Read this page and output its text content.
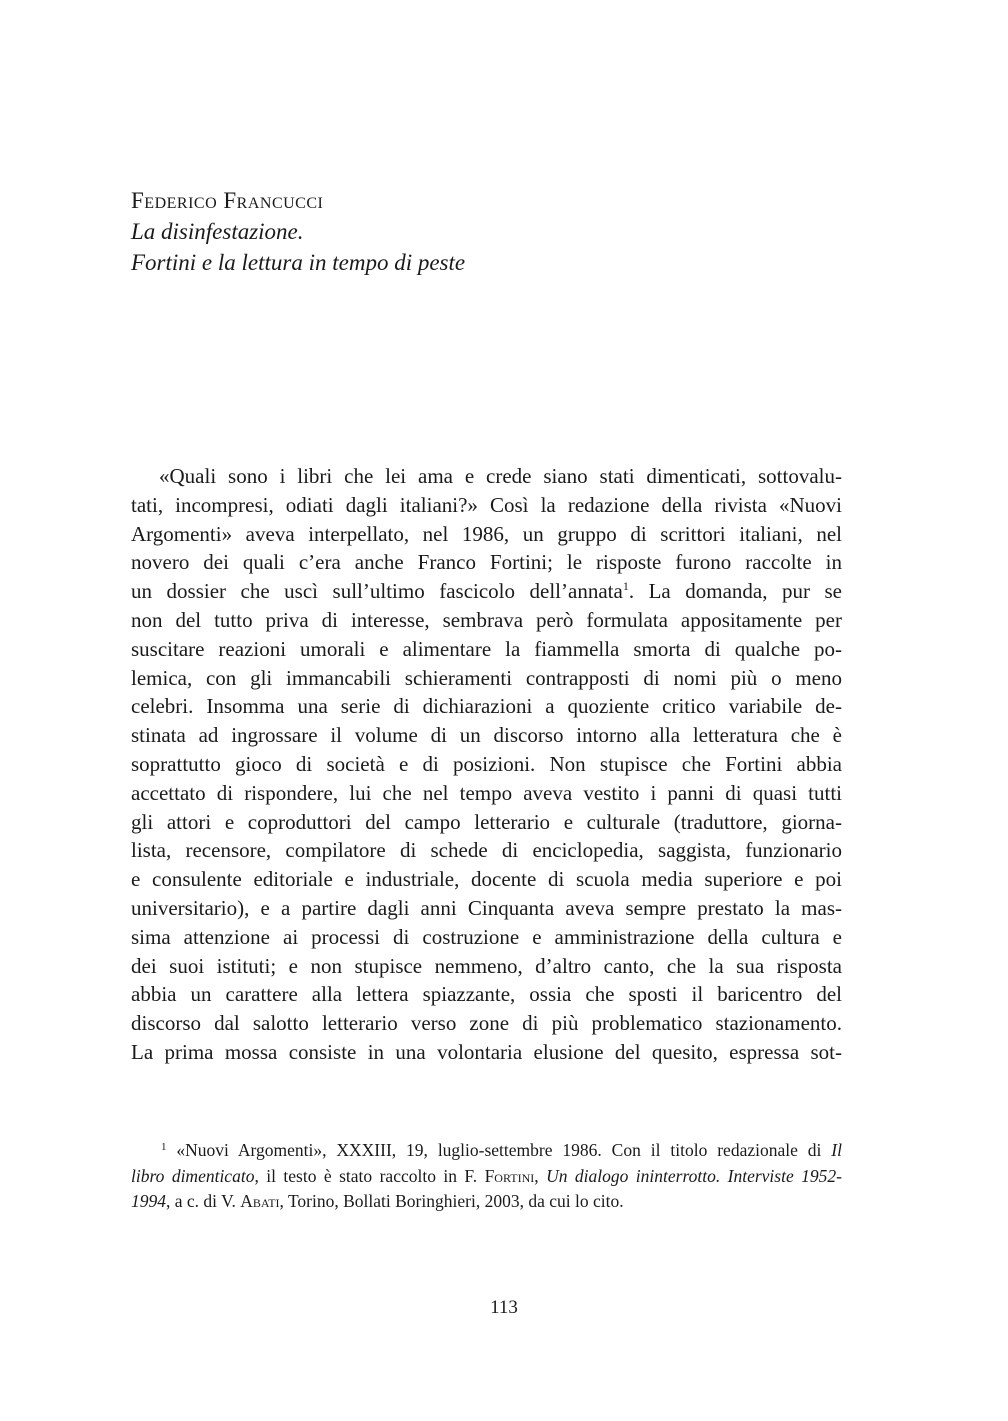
Federico Francucci
La disinfestazione.
Fortini e la lettura in tempo di peste
«Quali sono i libri che lei ama e crede siano stati dimenticati, sottovalu-
tati, incompresi, odiati dagli italiani?» Così la redazione della rivista «Nuovi
Argomenti» aveva interpellato, nel 1986, un gruppo di scrittori italiani, nel
novero dei quali c’era anche Franco Fortini; le risposte furono raccolte in
un dossier che uscì sull’ultimo fascicolo dell’annata$^1$. La domanda, pur se
non del tutto priva di interesse, sembrava però formulata appositamente per
suscitare reazioni umorali e alimentare la fiammella smorta di qualche po-
lemica, con gli immancabili schieramenti contrapposti di nomi più o meno
celebri. Insomma una serie di dichiarazioni a quoziente critico variabile de-
stinata ad ingrossare il volume di un discorso intorno alla letteratura che è
soprattutto gioco di società e di posizioni. Non stupisce che Fortini abbia
accettato di rispondere, lui che nel tempo aveva vestito i panni di quasi tutti
gli attori e coproduttori del campo letterario e culturale (traduttore, giorna-
lista, recensore, compilatore di schede di enciclopedia, saggista, funzionario
e consulente editoriale e industriale, docente di scuola media superiore e poi
universitario), e a partire dagli anni Cinquanta aveva sempre prestato la mas-
sima attenzione ai processi di costruzione e amministrazione della cultura e
dei suoi istituti; e non stupisce nemmeno, d’altro canto, che la sua risposta
abbia un carattere alla lettera spiazzante, ossia che sposti il baricentro del
discorso dal salotto letterario verso zone di più problematico stazionamento.
La prima mossa consiste in una volontaria elusione del quesito, espressa sot-
$^1$ «Nuovi Argomenti», XXXIII, 19, luglio-settembre 1986. Con il titolo redazionale di Il
libro dimenticato, il testo è stato raccolto in F. Fortini, Un dialogo ininterrotto. Interviste 1952-
1994, a c. di V. Abati, Torino, Bollati Boringhieri, 2003, da cui lo cito.
113
